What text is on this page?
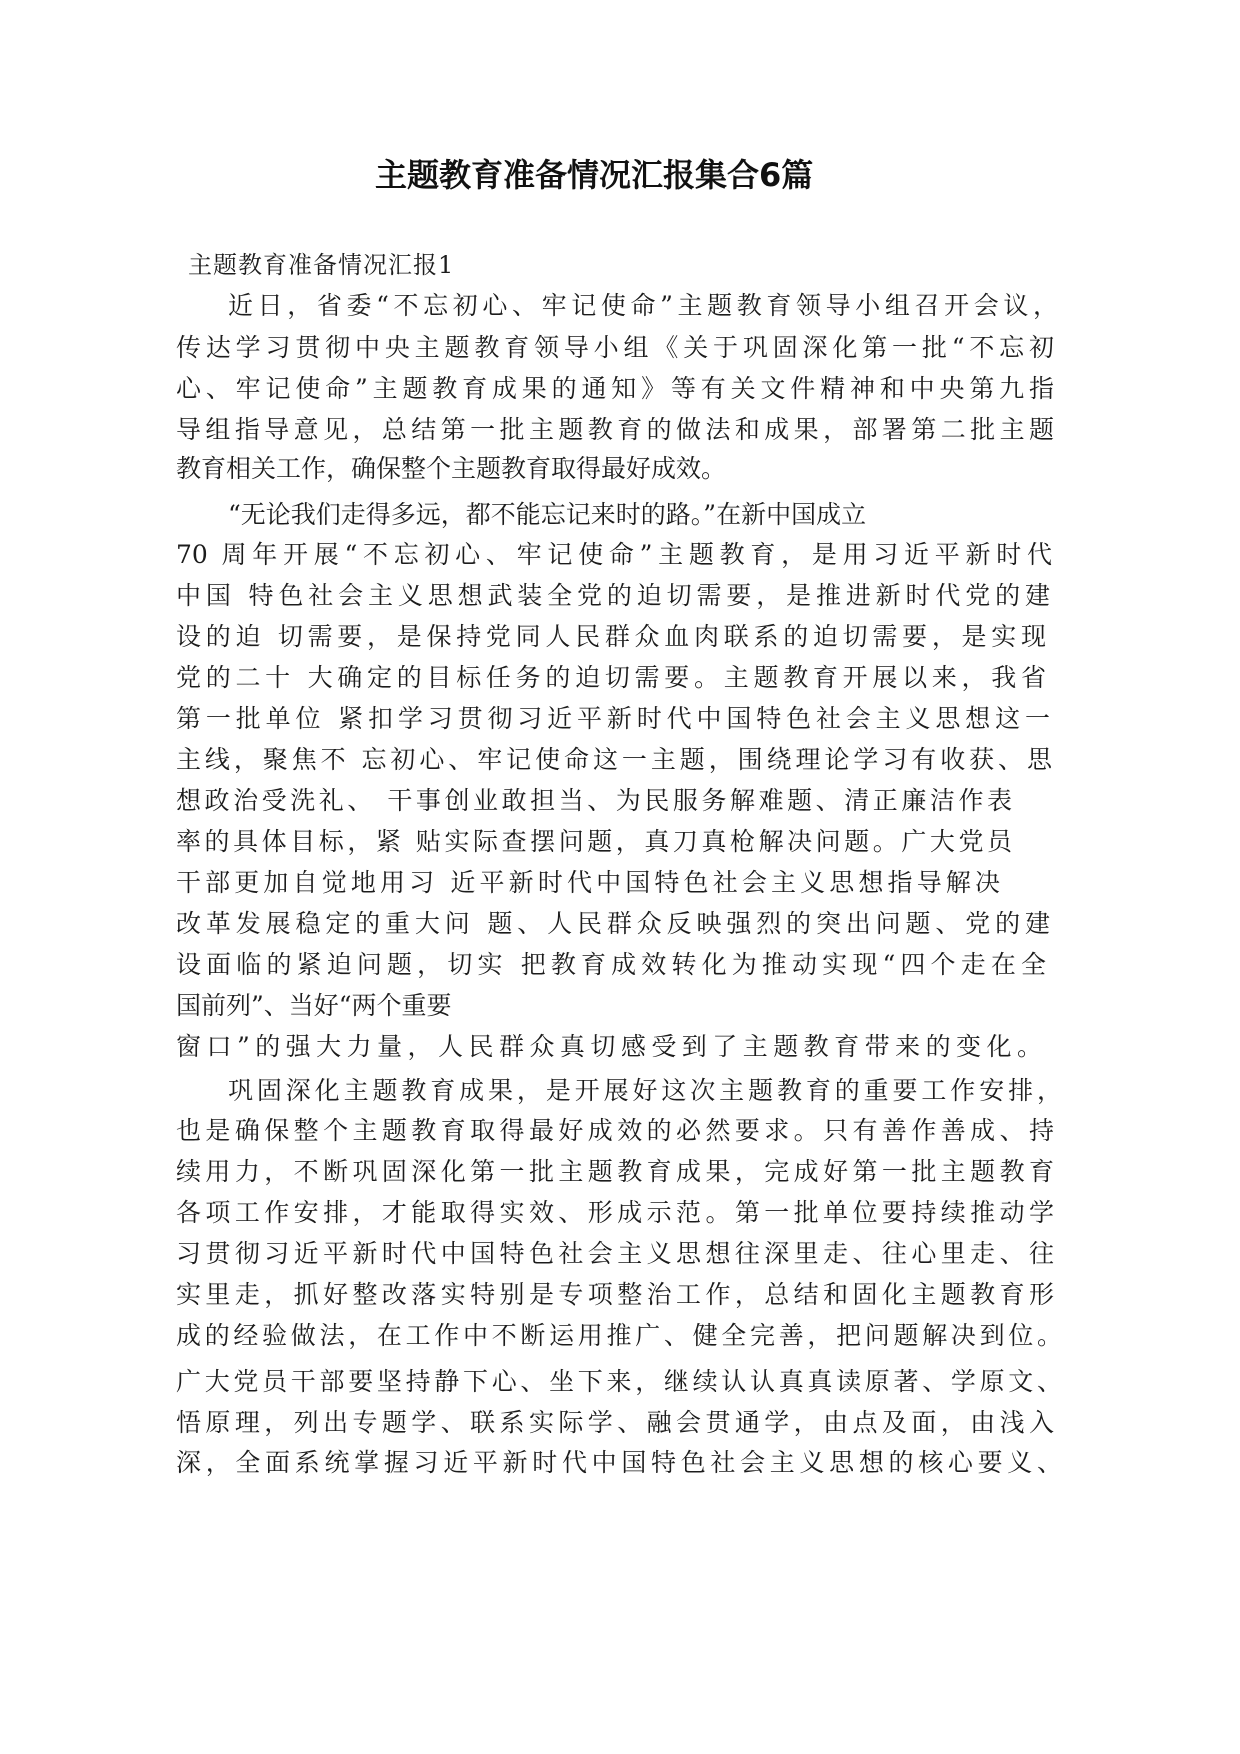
主题教育准备情况汇报集合6篇
主题教育准备情况汇报1
近日，省委“不忘初心、牢记使命”主题教育领导小组召开会议，
传达学习贯彻中央主题教育领导小组《关于巩固深化第一批“不忘初
心、牢记使命”主题教育成果的通知》等有关文件精神和中央第九指
导组指导意见，总结第一批主题教育的做法和成果，部署第二批主题
教育相关工作，确保整个主题教育取得最好成效。
“无论我们走得多远，都不能忘记来时的路。”在新中国成立
70 周年开展“不忘初心、牢记使命”主题教育，是用习近平新时代
中国 特色社会主义思想武装全党的迫切需要，是推进新时代党的建
设的迫 切需要，是保持党同人民群众血肉联系的迫切需要，是实现
党的二十 大确定的目标任务的迫切需要。主题教育开展以来，我省
第一批单位 紧扣学习贯彻习近平新时代中国特色社会主义思想这一
主线，聚焦不 忘初心、牢记使命这一主题，围绕理论学习有收获、思
想政治受洗礼、 干事创业敢担当、为民服务解难题、清正廉洁作表
率的具体目标，紧 贴实际查摆问题，真刀真枪解决问题。广大党员
干部更加自觉地用习 近平新时代中国特色社会主义思想指导解决
改革发展稳定的重大问 题、人民群众反映强烈的突出问题、党的建
设面临的紧迫问题，切实 把教育成效转化为推动实现“四个走在全
国前列”、当好“两个重要
窗口”的强大力量，人民群众真切感受到了主题教育带来的变化。
巩固深化主题教育成果，是开展好这次主题教育的重要工作安排，
也是确保整个主题教育取得最好成效的必然要求。只有善作善成、持
续用力，不断巩固深化第一批主题教育成果，完成好第一批主题教育
各项工作安排，才能取得实效、形成示范。第一批单位要持续推动学
习贯彻习近平新时代中国特色社会主义思想往深里走、往心里走、往
实里走，抓好整改落实特别是专项整治工作，总结和固化主题教育形
成的经验做法，在工作中不断运用推广、健全完善，把问题解决到位。
广大党员干部要坚持静下心、坐下来，继续认认真真读原著、学原文、
悟原理，列出专题学、联系实际学、融会贯通学，由点及面，由浅入
深，全面系统掌握习近平新时代中国特色社会主义思想的核心要义、
